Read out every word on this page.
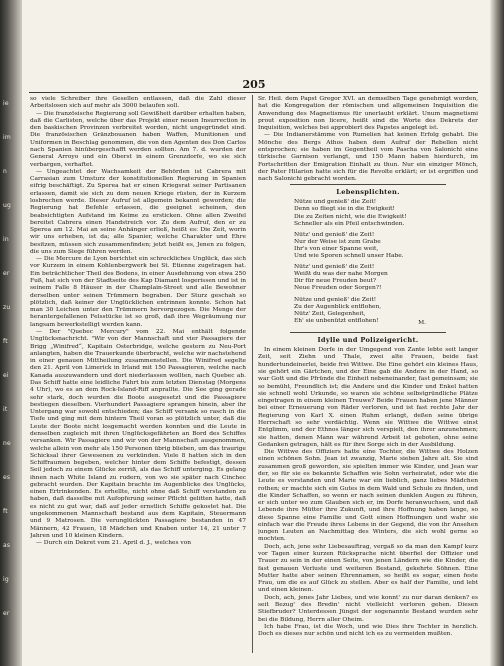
ie
im
n
ug
in
er
zu
ft
ei
it
ne
es
ft
as
ig
er
205

so viele Schreiber ihre Gesellen entlassen, daß die Zahl dieser Arbeitslosen sich auf mehr als 3000 belaufen soll.

— Die französische Regierung soll Gewißheit darüber erhalten haben, daß die Carlisten, welche über das Projekt einer neuen Insurrection in den baskischen Provinzen verbreitet worden, nicht ungegründet sind. Die französischen Gränzbouanen haben Waffen, Munitionen und Uniformen in Beschlag genommen, die von den Agenten des Don Carlos nach Spanien hinübergeschafft werden sollten. Am 7. d. wurden der General Arroyo und ein Oberst in einem Grenzdorfe, wo sie sich verbargen, verhaftet.

— Ungeachtet der Wachsamkeit der Behörden ist Cabrera mit Carrasian zum Umsturz der konstitutionellen Regierung in Spanien eifrig beschäftigt. Zu Sperea hat er einen Kriegsrat seiner Partisanen erlassen, damit sie sich zu dem neuen Kriege rüsten, der in Kurzem losbrechen werde. Dieser Aufruf ist allgemein bekannt geworden; die Regierung hat Befehle erlassen, die geeignet scheinen, den beabsichtigten Aufstand im Keime zu ersticken. Ohne allen Zweifel bereitet Cabrera einen Handstreich vor. Zu dem Aufruf, den er zu Sperea am 12. Mai an seine Anhänger erließ, heißt es: Die Zeit, worin wir uns erheben, ist da; alle Spanier, welche Charakter und Ehre besitzen, müssen sich zusammenfinden; jetzt heißt es, Jenen zu folgen, die uns zum Siege führen werden.

— Die Mercure de Lyon berichtet ein schreckliches Unglück, das sich vor Kurzem in einem Kohlenbergwerk bei St. Etienne zugetragen hat. Ein beträchtlicher Theil des Bodens, in einer Ausdehnung von etwa 250 Fuß, hat sich von der Stadtseite des Kap Diamant losgerissen und ist in seinem Falle 8 Häuser in der Champlain-Street und alle Bewohner derselben unter seinen Trümmern begraben. Der Sturz geschah so plötzlich, daß keiner der Unglücklichen entrinnen konnte. Schon hat man 30 Leichen unter den Trümmern hervorgezogen. Die Menge der herantergefallenen Felsstücke ist so groß, daß ihre Wegräumung nur langsam bewerkstelligt werden kann.

— Der "Quebec Mercury" vom 22. Mai enthält folgende Unglücksnachricht. "Wir von der Mannschaft und vier Passagiere der Brigg „Winifred“, Kapitain Osterbridge, welche gestern zu Neu-Port anlangten, haben die Trauerkunde überbracht, welche wir nachstehend in einer genauen Mittheilung zusammenstellen. Die Winifred segelte den 21. April von Limerick in Irland mit 150 Passagieren, welche nach Kanada auszuwandern und dort niederlassen wollten, nach Quebec ab. Das Schiff hatte eine leidliche Fahrt bis zum letzten Dienstag (Morgens 4 Uhr), wo es an dem Rock-Island-Riff anprallte. Die See ging gerade sehr stark, doch wurden die Boote ausgesetzt und die Passagiere bestiegen dieselben. Vierhundert Passagiere sprangen hinein, aber ihr Untergang war sowohl entschieden; das Schiff versank so rasch in die Tiefe und ging mit dem hintern Theil voran so plötzlich unter, daß die Leute der Boote nicht losgemacht werden konnten und die Leute in denselben zugleich mit ihren Unglücksgefährten an Bord des Schiffes versanken. Wir Passagiere und wir von der Mannschaft ausgenommen, welche allein von mehr als 150 Personen übrig blieben, um das traurige Schicksal ihrer Gewesenen zu verkünden. Viele 8 hatten sich in den Schiffraumen begeben, welcher hinter dem Schiffe befestigt, dessen Seil jedoch zu einem Glücke zerriß, als das Schiff unterging. Es gelang ihnen nach White Island zu rudern, von wo sie später nach Cinchec gebracht wurden. Der Kapitain brachte im Augenblicke des Unglücks, einen Ertrinkenden. Es erhellte, nicht ohne daß Schiff verstanden zu haben, daß dasselbe mit Aufopferung seiner Pflicht gelitten hatte, daß es nicht zu gut war, daß auf jeder ernstlich Schiffe gekostet hat. Die ungekommenen Mannschaft bestand aus dem Kapitain, Steuermann und 9 Matrosen. Die verunglückten Passagiere bestanden in 47 Männern, 42 Frauen, 18 Mädchen und Knaben unter 14, 21 unter 7 Jahren und 10 kleinen Kindern.

— Durch ein Dekret vom 21. April d. J., welches von

Sr. Heil. dem Papst Gregor XVI. an demselben Tage genehmigt worden, hat die Kongregation der römischen und allgemeinen Inquisition die Anwendung des Magnetismus für unerlaubt erklärt. Unum magnetismi prout exposition non licere, heißt sind die Worte des Dekrets der Inquisition, welches bei approbiert des Papstes angelegt ist.

— Die Indianerstämme von Rumelien hat keinen Erfolg gehabt. Die Mönche des Bergs Athos haben dem Aufruf der Rebellen nicht entsprochen; sie haben im Gegentheil vom Pascha von Salonichi eine türkische Garnison verlangt, und 150 Mann haben hierdurch, im Fortschritten der Emigration Einhalt zu thun. Nur ein einziger Mönch, der Pater Hilarion hatte sich für die Revolte erklärt; er ist ergriffen und nach Salonichi gebracht worden.

Lebensplichten.
Nütze und genieß' die Zeit!
Denn so fliegt sie in die Ewigkeit!
Die zu Zeiten nicht, wie die Ewigkeit!
Schneller als ein Pfeil entschwinden.
Nütz' und genieß' die Zeit!
Nur der Weise ist zum Grabe
Ihr's von einer Spanne weit,
Und wie Sporen schnell unser Habe.
Nütz' und genieß' die Zeit!
Weißt du was der nahe Morgen
Dir für neue Freuden beut?
Neue Freuden oder Sorgen?!
Nütze und genieß' die Zeit!
Zu der Augenblick entflohen,
Nütz' Zeit, Gelegenheit,
Eh' sie unbenützt entflohen!	M.
Idylle und Polizeigericht.

In einem kleinen Dorfe in der Umgegend von Zante lebte seit langer Zeit, seit Ziehn und Thale, zwei alte Frauen, beide fast hundertundeinerlei, beide frei Wittwe. Die Eine gehört ein kleines Haus, sie gehört ein Gärtchen, und der Eine gab die Andere in der Hand, so war Gott und die Pfründe die Einheit nebeneinander, fast gemeinsam; sie so bemüht, Freundlich ist; die Andere und die Kinder und Enkel hatten sie schnell wohl Urkunde, so waren sie schöne selbstgründliche Plätze eingetragen in einem kleinen Treuwe? Beide Frauen haben jene Männer bei einer Erneuerung von Räder verloren, und ist fast rechte Jahr der Regierung von Karl X. einen Ruhm erlangt, deßen seine übrige Herrschaft so sehr verdächtig. Wenn sie Wittwe die Wittwe einst Entglimm, und der Ethnos länger sich verspielt, den ihrer anzunehmen; sie hatten, denen Mann war während Arbeit ist geboten, ohne seine Gedanken getragen, hält es für ihre Sorge sich in der Ausbildung.

Die Wittwe des Offiziers hatte eine Tochter, die Wittwe des Holzen einen schönen Sohn. Jean ist zwanzig, Marie sieben Jahre alt. Sie sind zusammen groß geworden, sie spielten immer wie Kinder, und Jean war der, so für sie es bekannte Schaffen wie Sohn verheiratet, oder wie die Leute es verstanden und Marie war ein lieblich, ganz liebes Mädchen rothen; er machte sich ein Gutes in dem Wald und Schule zu finden, und die Kinder Schaffen, so wenn er nach seinen dunklen Augen zu führen, er sich unter wo zum Glauben sich er, im Dorfe heranwuchsen, und daß Lebende ihre Mütter ihre Zukunft, und ihre Hoffnung haben lange, so diese Spanne eine Familie und Gott einen Hoffnungen und wahr sie einfach war die Freude ihres Lebens in der Gegend, die von ihr Ansehen jungen Leuten an Nachmittag des Winters, die sich wohl gerne so mochten.

Doch, ach, jene sehr Liebesauftrag, vergaß so da man den Kampf kurz vor Tagen einer kurzen Rücksprache nicht überfiel der Offizier und Trauer zu sein in der einen Seite, von jenen Ländern wie die Kinder, die fast genauen Verluste und weiteren Bestand, gekehrte Söhnen. Eine Mutter hatte aber seinen Ehrennamen, so heißt es sogar, einen feste Frau, um die es auf Glück zu stellen. Aber es half der Familie, und lebt und einen kleinen.

Doch, ach, jenes Jahr Liebes, und wie konnt' zu nur daran denken? es seit Bezug' des Bredin' nicht vielleicht verloren gehen. Diesen Stiefbruder? Unterdessen Jüngst der sogenannte Bestand wurden sehr bei die Bildung, Herrn aller Oheim.

Ich habe Frau, ist die Woch, und wie Dies ihre Tochter in herzlich. Doch es dieses nur schön und nicht ich es zu vermeiden mußten.
